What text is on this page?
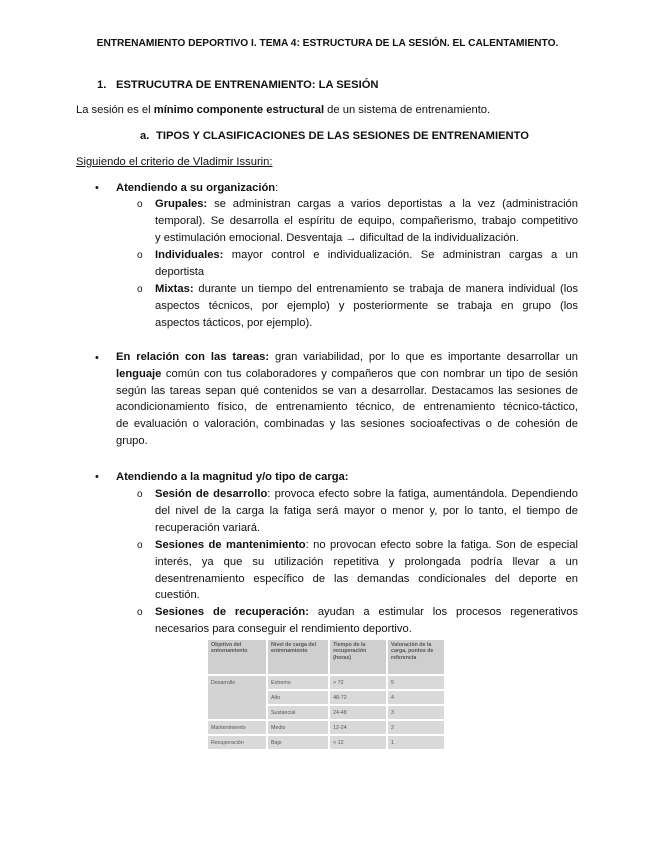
ENTRENAMIENTO DEPORTIVO I. TEMA 4: ESTRUCTURA DE LA SESIÓN. EL CALENTAMIENTO.
1. ESTRUCUTRA DE ENTRENAMIENTO: LA SESIÓN
La sesión es el mínimo componente estructural de un sistema de entrenamiento.
a. TIPOS Y CLASIFICACIONES DE LAS SESIONES DE ENTRENAMIENTO
Siguiendo el criterio de Vladimir Issurin:
• Atendiendo a su organización:
o Grupales: se administran cargas a varios deportistas a la vez (administración
temporal). Se desarrolla el espíritu de equipo, compañerismo, trabajo competitivo
y estimulación emocional. Desventaja → dificultad de la individualización.
o Individuales: mayor control e individualización. Se administran cargas a un
deportista
o Mixtas: durante un tiempo del entrenamiento se trabaja de manera individual (los
aspectos técnicos, por ejemplo) y posteriormente se trabaja en grupo (los
aspectos tácticos, por ejemplo).
• En relación con las tareas: gran variabilidad, por lo que es importante desarrollar un
lenguaje común con tus colaboradores y compañeros que con nombrar un tipo de sesión
según las tareas sepan qué contenidos se van a desarrollar. Destacamos las sesiones de
acondicionamiento físico, de entrenamiento técnico, de entrenamiento técnico-táctico,
de evaluación o valoración, combinadas y las sesiones socioafectivas o de cohesión de
grupo.
• Atendiendo a la magnitud y/o tipo de carga:
o Sesión de desarrollo: provoca efecto sobre la fatiga, aumentándola. Dependiendo
del nivel de la carga la fatiga será mayor o menor y, por lo tanto, el tiempo de
recuperación variará.
o Sesiones de mantenimiento: no provocan efecto sobre la fatiga. Son de especial
interés, ya que su utilización repetitiva y prolongada podría llevar a un
desentrenamiento específico de las demandas condicionales del deporte en
cuestión.
o Sesiones de recuperación: ayudan a estimular los procesos regenerativos
necesarios para conseguir el rendimiento deportivo.
Objetivo del entrenamiento	Nivel de carga del entrenamiento	Tiempo de la recuperación (horas)	Valoración de la carga, puntos de referencia
Desarrollo	Extremo	> 72	5
	Alto	48-72	4
	Sustancial	24-48	3
Mantenimiento	Medio	12-24	2
Recuperación	Bajo	< 12	1
